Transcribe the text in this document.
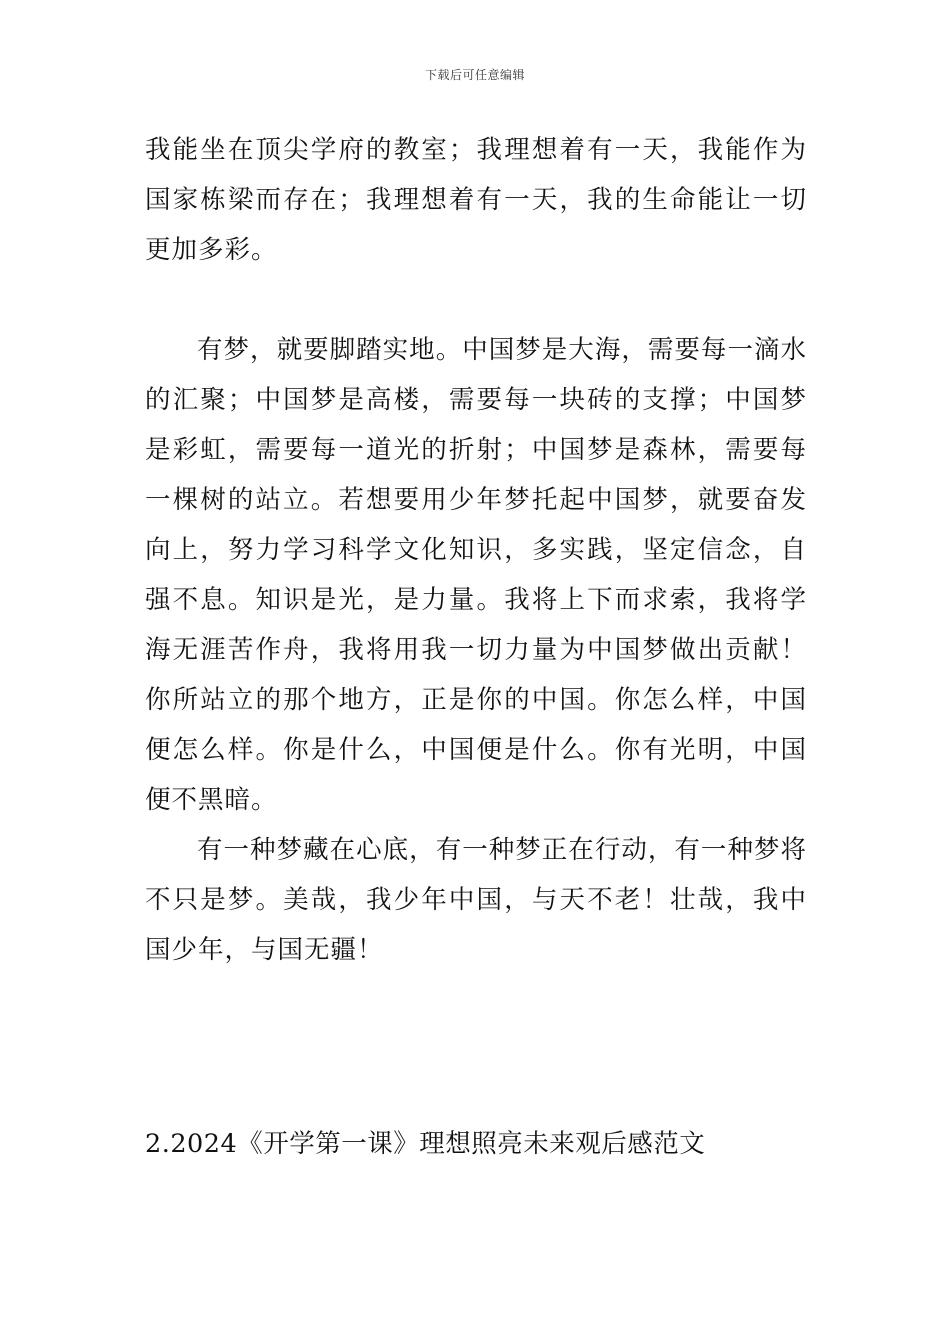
下载后可任意编辑

我能坐在顶尖学府的教室；我理想着有一天，我能作为国家栋梁而存在；我理想着有一天，我的生命能让一切更加多彩。

有梦，就要脚踏实地。中国梦是大海，需要每一滴水的汇聚；中国梦是高楼，需要每一块砖的支撑；中国梦是彩虹，需要每一道光的折射；中国梦是森林，需要每一棵树的站立。若想要用少年梦托起中国梦，就要奋发向上，努力学习科学文化知识，多实践，坚定信念，自强不息。知识是光，是力量。我将上下而求索，我将学海无涯苦作舟，我将用我一切力量为中国梦做出贡献！你所站立的那个地方，正是你的中国。你怎么样，中国便怎么样。你是什么，中国便是什么。你有光明，中国便不黑暗。

有一种梦藏在心底，有一种梦正在行动，有一种梦将不只是梦。美哉，我少年中国，与天不老！壮哉，我中国少年，与国无疆！

2.2024《开学第一课》理想照亮未来观后感范文
